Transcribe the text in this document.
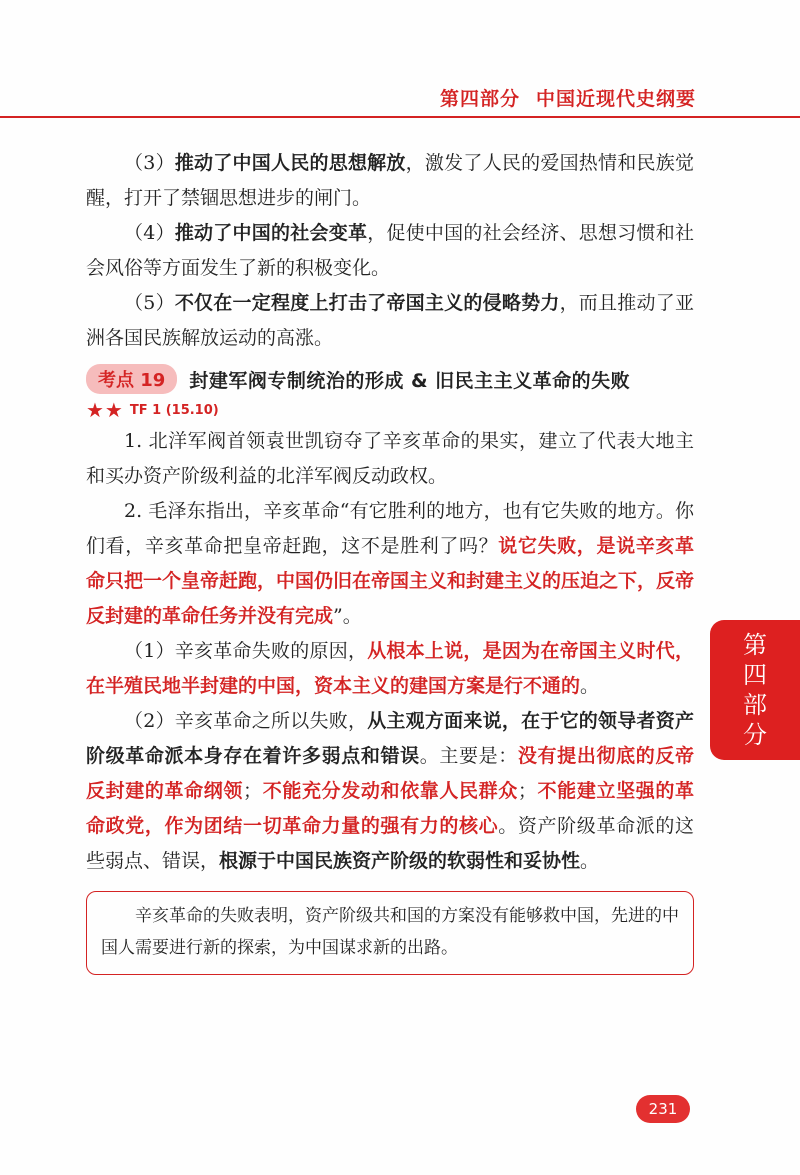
第四部分 中国近现代史纲要

（3）推动了中国人民的思想解放，激发了人民的爱国热情和民族觉醒，打开了禁锢思想进步的闸门。

（4）推动了中国的社会变革，促使中国的社会经济、思想习惯和社会风俗等方面发生了新的积极变化。

（5）不仅在一定程度上打击了帝国主义的侵略势力，而且推动了亚洲各国民族解放运动的高涨。

考点 19	封建军阀专制统治的形成 & 旧民主主义革命的失败
★★ TF 1 (15.10)

1. 北洋军阀首领袁世凯窃夺了辛亥革命的果实，建立了代表大地主和买办资产阶级利益的北洋军阀反动政权。

2. 毛泽东指出，辛亥革命“有它胜利的地方，也有它失败的地方。你们看，辛亥革命把皇帝赶跑，这不是胜利了吗？说它失败，是说辛亥革命只把一个皇帝赶跑，中国仍旧在帝国主义和封建主义的压迫之下，反帝反封建的革命任务并没有完成”。

（1）辛亥革命失败的原因，从根本上说，是因为在帝国主义时代，在半殖民地半封建的中国，资本主义的建国方案是行不通的。

（2）辛亥革命之所以失败，从主观方面来说，在于它的领导者资产阶级革命派本身存在着许多弱点和错误。主要是：没有提出彻底的反帝反封建的革命纲领；不能充分发动和依靠人民群众；不能建立坚强的革命政党，作为团结一切革命力量的强有力的核心。资产阶级革命派的这些弱点、错误，根源于中国民族资产阶级的软弱性和妥协性。

辛亥革命的失败表明，资产阶级共和国的方案没有能够救中国，先进的中国人需要进行新的探索，为中国谋求新的出路。

第
四
部
分
231
